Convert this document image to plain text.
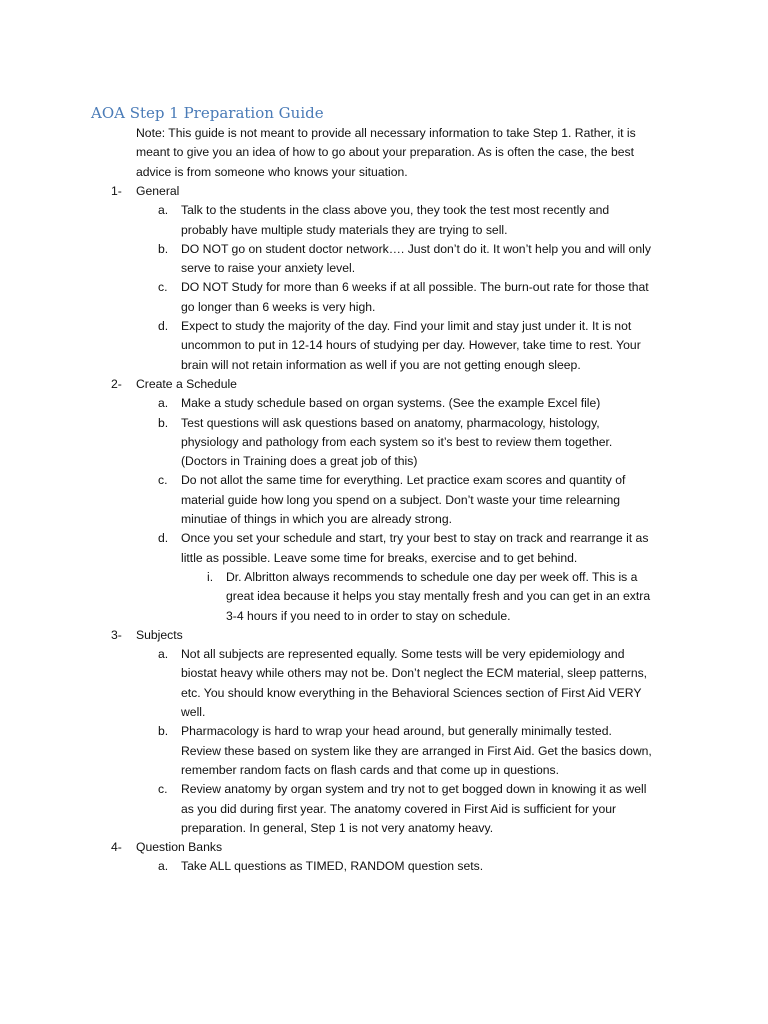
AOA Step 1 Preparation Guide
Note: This guide is not meant to provide all necessary information to take Step 1. Rather, it is
meant to give you an idea of how to go about your preparation. As is often the case, the best
advice is from someone who knows your situation.
1- General
a. Talk to the students in the class above you, they took the test most recently and
probably have multiple study materials they are trying to sell.
b. DO NOT go on student doctor network…. Just don’t do it. It won’t help you and will only
serve to raise your anxiety level.
c. DO NOT Study for more than 6 weeks if at all possible. The burn-out rate for those that
go longer than 6 weeks is very high.
d. Expect to study the majority of the day. Find your limit and stay just under it. It is not
uncommon to put in 12-14 hours of studying per day. However, take time to rest. Your
brain will not retain information as well if you are not getting enough sleep.
2- Create a Schedule
a. Make a study schedule based on organ systems. (See the example Excel file)
b. Test questions will ask questions based on anatomy, pharmacology, histology,
physiology and pathology from each system so it’s best to review them together.
(Doctors in Training does a great job of this)
c. Do not allot the same time for everything. Let practice exam scores and quantity of
material guide how long you spend on a subject. Don’t waste your time relearning
minutiae of things in which you are already strong.
d. Once you set your schedule and start, try your best to stay on track and rearrange it as
little as possible. Leave some time for breaks, exercise and to get behind.
i. Dr. Albritton always recommends to schedule one day per week off. This is a
great idea because it helps you stay mentally fresh and you can get in an extra
3-4 hours if you need to in order to stay on schedule.
3- Subjects
a. Not all subjects are represented equally. Some tests will be very epidemiology and
biostat heavy while others may not be. Don’t neglect the ECM material, sleep patterns,
etc. You should know everything in the Behavioral Sciences section of First Aid VERY
well.
b. Pharmacology is hard to wrap your head around, but generally minimally tested.
Review these based on system like they are arranged in First Aid. Get the basics down,
remember random facts on flash cards and that come up in questions.
c. Review anatomy by organ system and try not to get bogged down in knowing it as well
as you did during first year. The anatomy covered in First Aid is sufficient for your
preparation. In general, Step 1 is not very anatomy heavy.
4- Question Banks
a. Take ALL questions as TIMED, RANDOM question sets.
